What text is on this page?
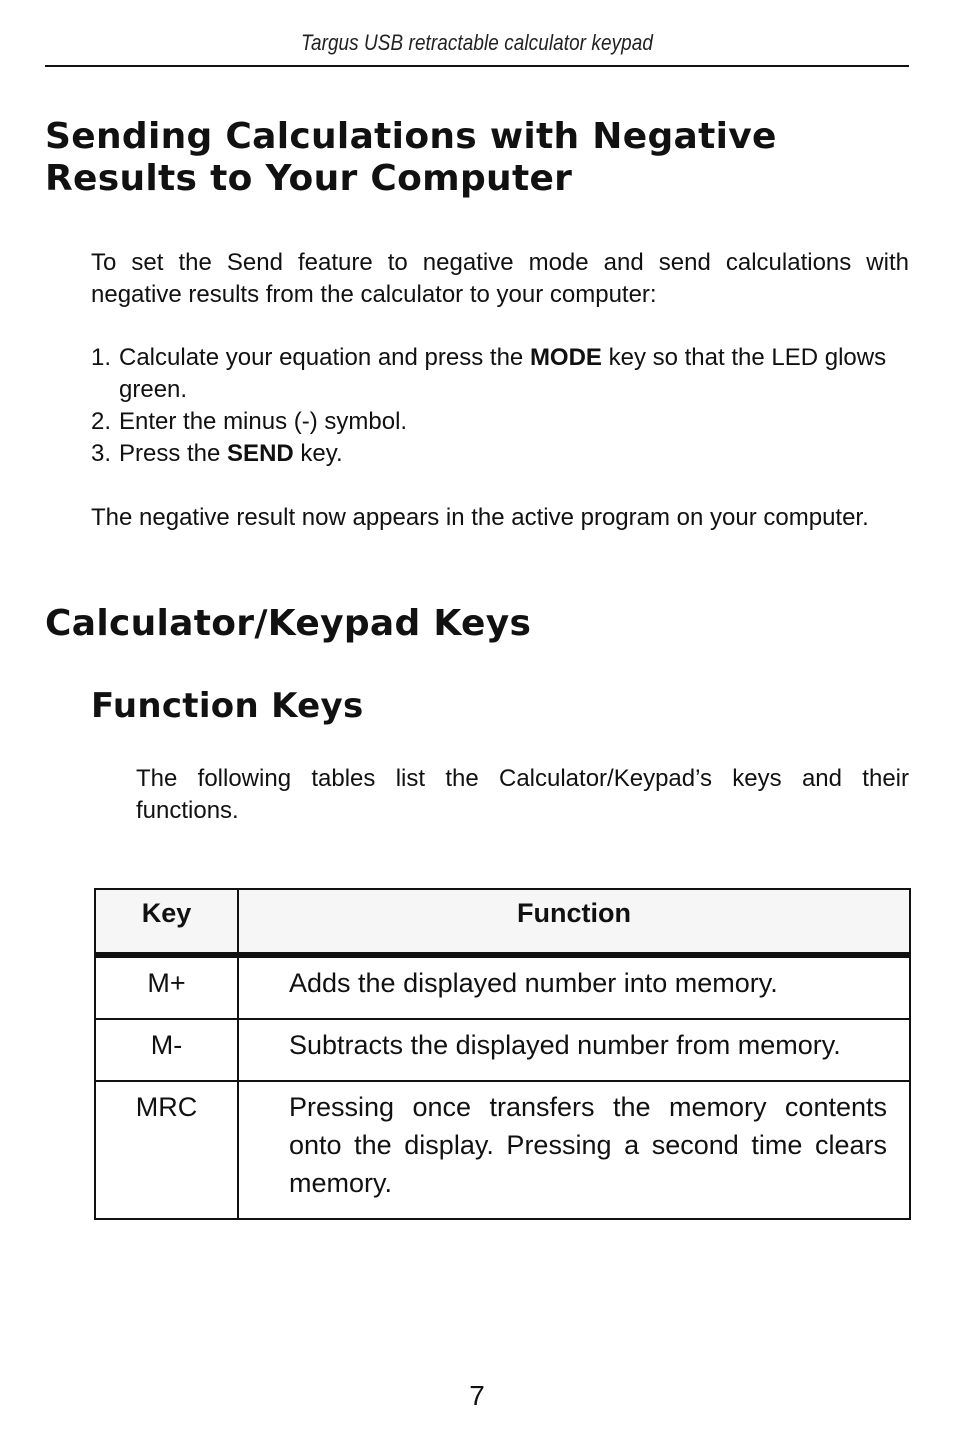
Targus USB retractable calculator keypad
Sending Calculations with Negative
Results to Your Computer

To set the Send feature to negative mode and send calculations with negative results from the calculator to your computer:

1. Calculate your equation and press the MODE key so that the LED glows green.
2. Enter the minus (-) symbol.
3. Press the SEND key.

The negative result now appears in the active program on your computer.

Calculator/Keypad Keys
Function Keys

The following tables list the Calculator/Keypad’s keys and their functions.

Key	Function
M+	Adds the displayed number into memory.
M-	Subtracts the displayed number from memory.
MRC	Pressing once transfers the memory contents onto the display. Pressing a second time clears memory.
7
